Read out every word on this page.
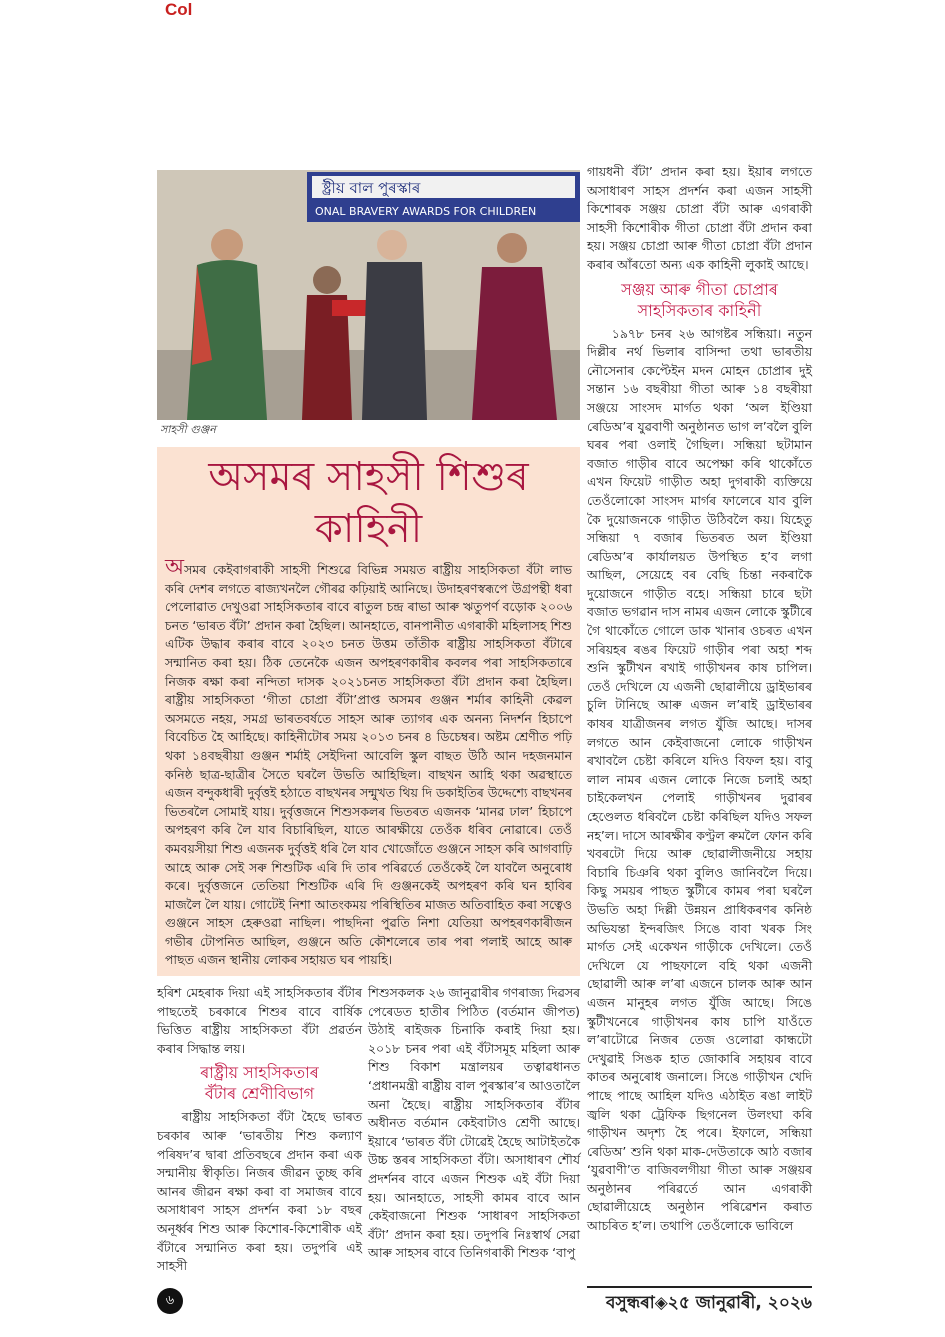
Col
ষ্ট্ৰীয় বাল পুৰস্কাৰ
ONAL BRAVERY AWARDS FOR CHILDREN
সাহসী গুঞ্জন
অসমৰ সাহসী শিশুৰ কাহিনী

অসমৰ কেইবাগৰাকী সাহসী শিশুৱে বিভিন্ন সময়ত ৰাষ্ট্ৰীয় সাহসিকতা বঁটা লাভ কৰি দেশৰ লগতে ৰাজ্যখনলৈ গৌৰৱ কঢ়িয়াই আনিছে। উদাহৰণস্বৰূপে উগ্ৰপন্থী ধৰা পেলোৱাত দেখুওৱা সাহসিকতাৰ বাবে ৰাতুল চন্দ্ৰ ৰাভা আৰু ঋতুপৰ্ণ বড়োক ২০০৬ চনত ‘ভাৰত বঁটা’ প্ৰদান কৰা হৈছিল। আনহাতে, বানপানীত এগৰাকী মহিলাসহ শিশু এটিক উদ্ধাৰ কৰাৰ বাবে ২০২৩ চনত উত্তম তাঁতীক ৰাষ্ট্ৰীয় সাহসিকতা বঁটাৰে সন্মানিত কৰা হয়। ঠিক তেনেকৈ এজন অপহৰণকাৰীৰ কবলৰ পৰা সাহসিকতাৰে নিজক ৰক্ষা কৰা নন্দিতা দাসক ২০২১চনত সাহসিকতা বঁটা প্ৰদান কৰা হৈছিল। ৰাষ্ট্ৰীয় সাহসিকতা ‘গীতা চোপ্ৰা বঁটা’প্ৰাপ্ত অসমৰ গুঞ্জন শৰ্মাৰ কাহিনী কেৱল অসমতে নহয়, সমগ্ৰ ভাৰতবৰ্ষতে সাহস আৰু ত্যাগৰ এক অনন্য নিদৰ্শন হিচাপে বিবেচিত হৈ আহিছে। কাহিনীটোৰ সময় ২০১৩ চনৰ ৪ ডিচেম্বৰ। অষ্টম শ্ৰেণীত পঢ়ি থকা ১৪বছৰীয়া গুঞ্জন শৰ্মাই সেইদিনা আবেলি স্কুল বাছত উঠি আন দহজনমান কনিষ্ঠ ছাত্ৰ-ছাত্ৰীৰ সৈতে ঘৰলৈ উভতি আহিছিল। বাছখন আহি থকা অৱস্থাতে এজন বন্দুকধাৰী দুৰ্বৃত্তই হঠাতে বাছখনৰ সন্মুখত থিয় দি ডকাইতিৰ উদ্দেশ্যে বাছখনৰ ভিতৰলৈ সোমাই যায়। দুৰ্বৃত্তজনে শিশুসকলৰ ভিতৰত এজনক ‘মানৱ ঢাল’ হিচাপে অপহৰণ কৰি লৈ যাব বিচাৰিছিল, যাতে আৰক্ষীয়ে তেওঁক ধৰিব নোৱাৰে। তেওঁ কমবয়সীয়া শিশু এজনক দুৰ্বৃত্তই ধৰি লৈ যাব খোজোঁতে গুঞ্জনে সাহস কৰি আগবাঢ়ি আহে আৰু সেই সৰু শিশুটিক এৰি দি তাৰ পৰিৱৰ্তে তেওঁকেই লৈ যাবলৈ অনুৰোধ কৰে। দুৰ্বৃত্তজনে তেতিয়া শিশুটিক এৰি দি গুঞ্জনকেই অপহৰণ কৰি ঘন হাবিৰ মাজলৈ লৈ যায়। গোটেই নিশা আতংকময় পৰিস্থিতিৰ মাজত অতিবাহিত কৰা সত্বেও গুঞ্জনে সাহস হেৰুওৱা নাছিল। পাছদিনা পুৱতি নিশা যেতিয়া অপহৰণকাৰীজন গভীৰ টোপনিত আছিল, গুঞ্জনে অতি কৌশলেৰে তাৰ পৰা পলাই আহে আৰু পাছত এজন স্থানীয় লোকৰ সহায়ত ঘৰ পায়হি।

হৰিশ মেহৰাক দিয়া এই সাহসিকতাৰ বঁটাৰ পাছতেই চৰকাৰে শিশুৰ বাবে বাৰ্ষিক ভিত্তিত ৰাষ্ট্ৰীয় সাহসিকতা বঁটা প্ৰৱৰ্তন কৰাৰ সিদ্ধান্ত লয়।

ৰাষ্ট্ৰীয় সাহসিকতাৰ
বঁটাৰ শ্ৰেণীবিভাগ

ৰাষ্ট্ৰীয় সাহসিকতা বঁটা হৈছে ভাৰত চৰকাৰ আৰু ‘ভাৰতীয় শিশু কল্যাণ পৰিষদ’ৰ দ্বাৰা প্ৰতিবছৰে প্ৰদান কৰা এক সন্মানীয় স্বীকৃতি। নিজৰ জীৱন তুচ্ছ কৰি আনৰ জীৱন ৰক্ষা কৰা বা সমাজৰ বাবে অসাধাৰণ সাহস প্ৰদৰ্শন কৰা ১৮ বছৰ অনূৰ্ধ্বৰ শিশু আৰু কিশোৰ-কিশোৰীক এই বঁটাৰে সন্মানিত কৰা হয়। তদুপৰি এই সাহসী

শিশুসকলক ২৬ জানুৱাৰীৰ গণৰাজ্য দিৱসৰ পেৰেডত হাতীৰ পিঠিত (বৰ্তমান জীপত) উঠাই ৰাইজক চিনাকি কৰাই দিয়া হয়। ২০১৮ চনৰ পৰা এই বঁটাসমূহ মহিলা আৰু শিশু বিকাশ মন্ত্ৰালয়ৰ তত্বাৱধানত ‘প্ৰধানমন্ত্ৰী ৰাষ্ট্ৰীয় বাল পুৰস্কাৰ’ৰ আওতালৈ অনা হৈছে। ৰাষ্ট্ৰীয় সাহসিকতাৰ বঁটাৰ অধীনত বৰ্তমান কেইবাটাও শ্ৰেণী আছে। ইয়াৰে ‘ভাৰত বঁটা টোৱেই হৈছে আটাইতকৈ উচ্চ স্তৰৰ সাহসিকতা বঁটা। অসাধাৰণ শৌৰ্য প্ৰদৰ্শনৰ বাবে এজন শিশুক এই বঁটা দিয়া হয়। আনহাতে, সাহসী কামৰ বাবে আন কেইবাজনো শিশুক ‘সাধাৰণ সাহসিকতা বঁটা’ প্ৰদান কৰা হয়। তদুপৰি নিঃস্বাৰ্থ সেৱা আৰু সাহসৰ বাবে তিনিগৰাকী শিশুক ‘বাপু

গায়ধনী বঁটা’ প্ৰদান কৰা হয়। ইয়াৰ লগতে অসাধাৰণ সাহস প্ৰদৰ্শন কৰা এজন সাহসী কিশোৰক সঞ্জয় চোপ্ৰা বঁটা আৰু এগৰাকী সাহসী কিশোৰীক গীতা চোপ্ৰা বঁটা প্ৰদান কৰা হয়। সঞ্জয় চোপ্ৰা আৰু গীতা চোপ্ৰা বঁটা প্ৰদান কৰাৰ আঁৰতো অন্য এক কাহিনী লুকাই আছে।

সঞ্জয় আৰু গীতা চোপ্ৰাৰ
সাহসিকতাৰ কাহিনী

১৯৭৮ চনৰ ২৬ আগষ্টৰ সন্ধিয়া। নতুন দিল্লীৰ নৰ্থ ভিলাৰ বাসিন্দা তথা ভাৰতীয় নৌসেনাৰ কেপ্টেইন মদন মোহন চোপ্ৰাৰ দুই সন্তান ১৬ বছৰীয়া গীতা আৰু ১৪ বছৰীয়া সঞ্জয়ে সাংসদ মাৰ্গত থকা ‘অল ইণ্ডিয়া ৰেডিঅ’ৰ যুৱবাণী অনুষ্ঠানত ভাগ ল’বলৈ বুলি ঘৰৰ পৰা ওলাই গৈছিল। সন্ধিয়া ছটামান বজাত গাড়ীৰ বাবে অপেক্ষা কৰি থাকোঁতে এখন ফিয়েট গাড়ীত অহা দুগৰাকী ব্যক্তিয়ে তেওঁলোকো সাংসদ মাৰ্গৰ ফালেৰে যাব বুলি কৈ দুয়োজনকে গাড়ীত উঠিবলৈ কয়। যিহেতু সন্ধিয়া ৭ বজাৰ ভিতৰত অল ইণ্ডিয়া ৰেডিঅ’ৰ কাৰ্যালয়ত উপস্থিত হ’ব লগা আছিল, সেয়েহে বৰ বেছি চিন্তা নকৰাকৈ দুয়োজনে গাড়ীত বহে। সন্ধিয়া চাৰে ছটা বজাত ভগৱান দাস নামৰ এজন লোকে স্কুটীৰে গৈ থাকোঁতে গোলে ডাক খানাৰ ওচৰত এখন সৰিয়হৰ ৰঙৰ ফিয়েট গাড়ীৰ পৰা অহা শব্দ শুনি স্কুটীখন ৰখাই গাড়ীখনৰ কাষ চাপিল। তেওঁ দেখিলে যে এজনী ছোৱালীয়ে ড্ৰাইভাৰৰ চুলি টানিছে আৰু এজন ল’ৰাই ড্ৰাইভাৰৰ কাষৰ যাত্ৰীজনৰ লগত যুঁজি আছে। দাসৰ লগতে আন কেইবাজনো লোকে গাড়ীখন ৰখাবলৈ চেষ্টা কৰিলে যদিও বিফল হয়। বাবু লাল নামৰ এজন লোকে নিজে চলাই অহা চাইকেলখন পেলাই গাড়ীখনৰ দুৱাৰৰ হেণ্ডেলত ধৰিবলৈ চেষ্টা কৰিছিল যদিও সফল নহ’ল। দাসে আৰক্ষীৰ কণ্ট্ৰল ৰুমলৈ ফোন কৰি খবৰটো দিয়ে আৰু ছোৱালীজনীয়ে সহায় বিচাৰি চিঞৰি থকা বুলিও জানিবলৈ দিয়ে। কিছু সময়ৰ পাছত স্কুটীৰে কামৰ পৰা ঘৰলৈ উভতি অহা দিল্লী উন্নয়ন প্ৰাধিকৰণৰ কনিষ্ঠ অভিযন্তা ইন্দৰজিৎ সিঙে বাবা খৰক সিং মাৰ্গত সেই একেখন গাড়ীকে দেখিলে। তেওঁ দেখিলে যে পাছফালে বহি থকা এজনী ছোৱালী আৰু ল’ৰা এজনে চালক আৰু আন এজন মানুহৰ লগত যুঁজি আছে। সিঙে স্কুটীখনেৰে গাড়ীখনৰ কাষ চাপি যাওঁতে ল’ৰাটোৱে নিজৰ তেজ ওলোৱা কান্ধটো দেখুৱাই সিঙক হাত জোকাৰি সহায়ৰ বাবে কাতৰ অনুৰোধ জনালে। সিঙে গাড়ীখন খেদি পাছে পাছে আহিল যদিও এঠাইত ৰঙা লাইট জ্বলি থকা ট্ৰেফিক ছিগনেল উলংঘা কৰি গাড়ীখন অদৃশ্য হৈ পৰে। ইফালে, সন্ধিয়া ৰেডিঅ’ শুনি থকা মাক-দেউতাকে আঠ বজাৰ ‘যুৱবাণী’ত বাজিবলগীয়া গীতা আৰু সঞ্জয়ৰ অনুষ্ঠানৰ পৰিৱৰ্তে আন এগৰাকী ছোৱালীয়েহে অনুষ্ঠান পৰিৱেশন কৰাত আচৰিত হ’ল। তথাপি তেওঁলোকে ভাবিলে

৬	বসুন্ধৰা◈২৫ জানুৱাৰী, ২০২৬
